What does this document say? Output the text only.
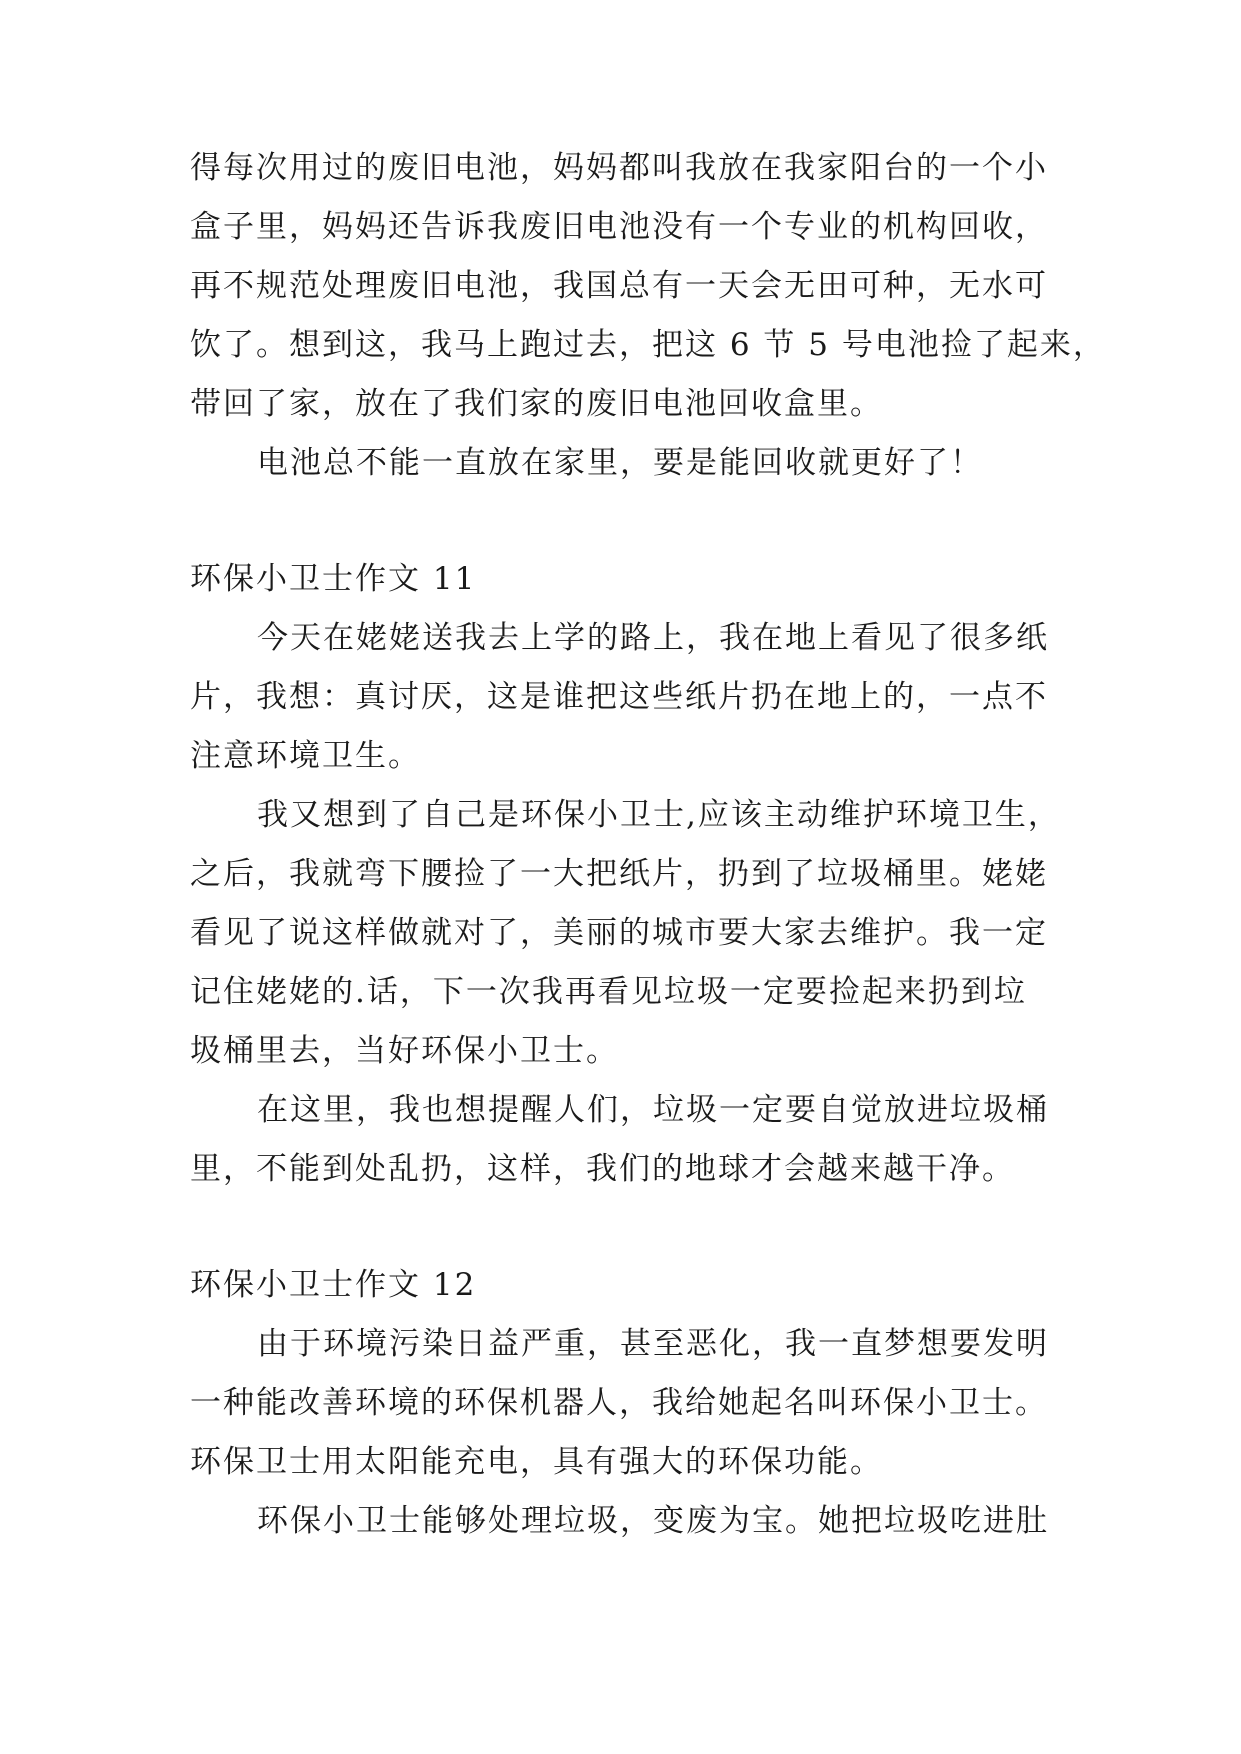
得每次用过的废旧电池，妈妈都叫我放在我家阳台的一个小
盒子里，妈妈还告诉我废旧电池没有一个专业的机构回收，
再不规范处理废旧电池，我国总有一天会无田可种，无水可
饮了。想到这，我马上跑过去，把这 6 节 5 号电池捡了起来，
带回了家，放在了我们家的废旧电池回收盒里。
电池总不能一直放在家里，要是能回收就更好了！
环保小卫士作文 11
今天在姥姥送我去上学的路上，我在地上看见了很多纸
片，我想：真讨厌，这是谁把这些纸片扔在地上的，一点不
注意环境卫生。
我又想到了自己是环保小卫士,应该主动维护环境卫生，
之后，我就弯下腰捡了一大把纸片，扔到了垃圾桶里。姥姥
看见了说这样做就对了，美丽的城市要大家去维护。我一定
记住姥姥的.话，下一次我再看见垃圾一定要捡起来扔到垃
圾桶里去，当好环保小卫士。
在这里，我也想提醒人们，垃圾一定要自觉放进垃圾桶
里，不能到处乱扔，这样，我们的地球才会越来越干净。
环保小卫士作文 12
由于环境污染日益严重，甚至恶化，我一直梦想要发明
一种能改善环境的环保机器人，我给她起名叫环保小卫士。
环保卫士用太阳能充电，具有强大的环保功能。
环保小卫士能够处理垃圾，变废为宝。她把垃圾吃进肚
